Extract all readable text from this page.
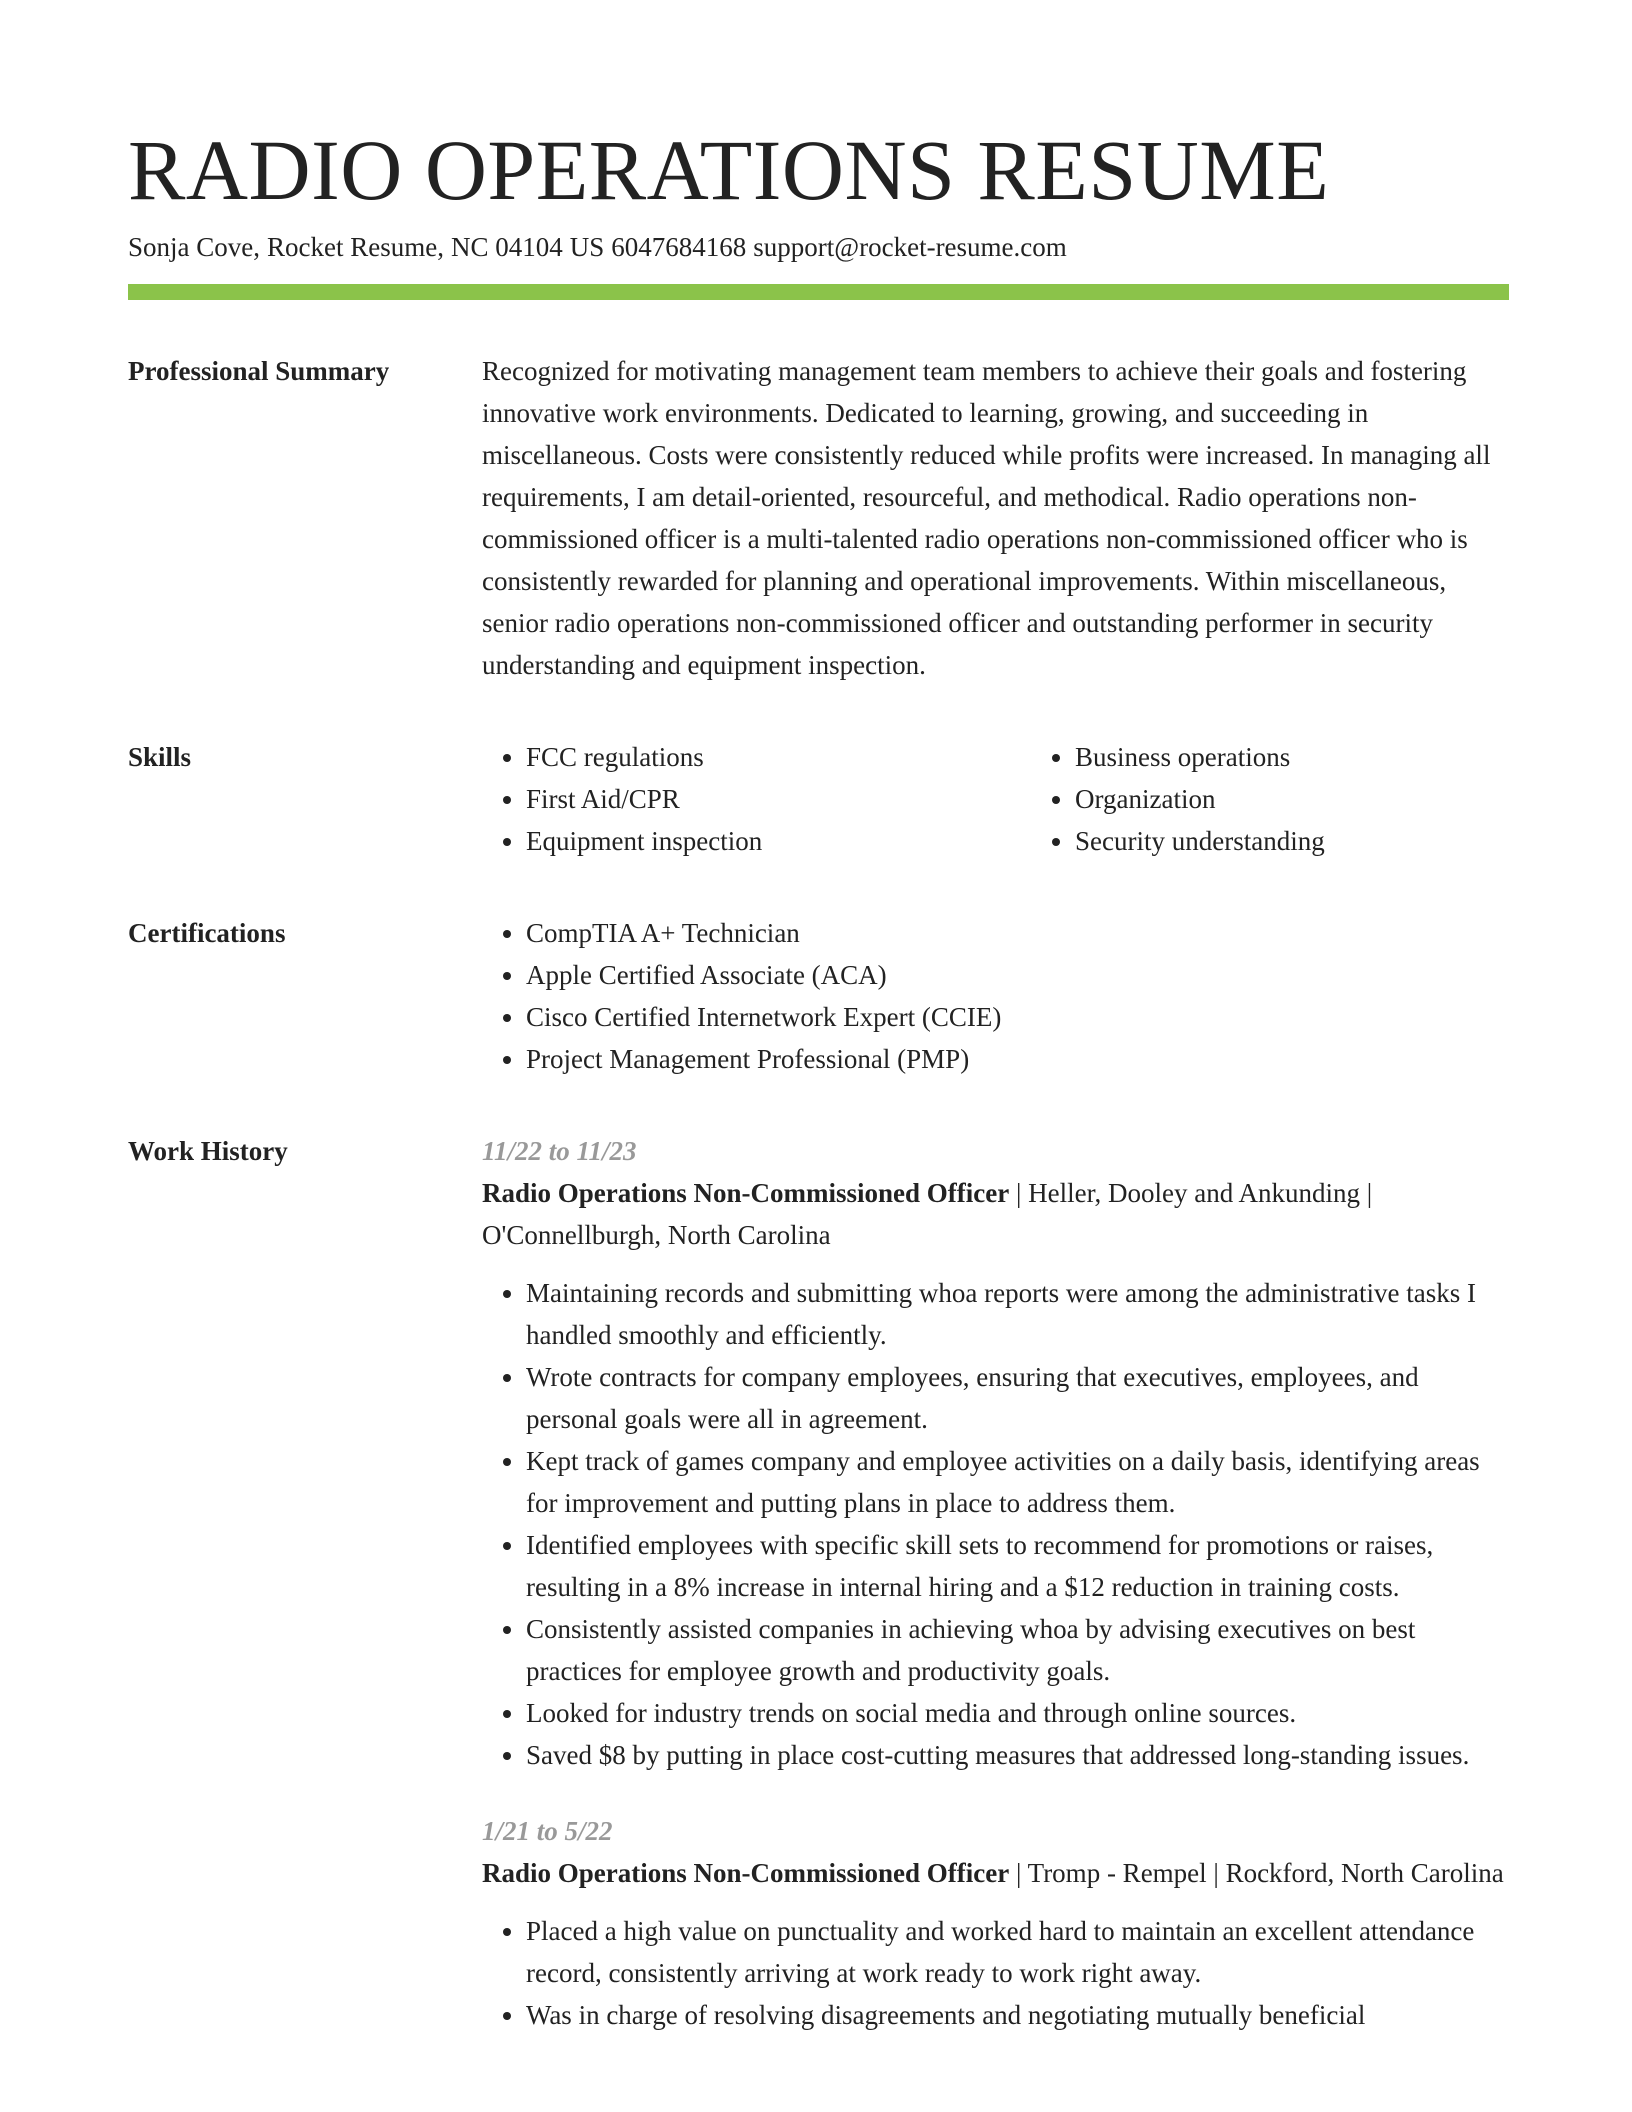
RADIO OPERATIONS RESUME
Sonja Cove, Rocket Resume, NC 04104 US 6047684168 support@rocket-resume.com
Professional Summary	Recognized for motivating management team members to achieve their goals and fostering innovative work environments. Dedicated to learning, growing, and succeeding in miscellaneous. Costs were consistently reduced while profits were increased. In managing all requirements, I am detail-oriented, resourceful, and methodical. Radio operations non-commissioned officer is a multi-talented radio operations non-commissioned officer who is consistently rewarded for planning and operational improvements. Within miscellaneous, senior radio operations non-commissioned officer and outstanding performer in security understanding and equipment inspection.

Skills	• FCC regulations
• First Aid/CPR
• Equipment inspection
• Business operations
• Organization
• Security understanding
Certifications	• CompTIA A+ Technician
• Apple Certified Associate (ACA)
• Cisco Certified Internetwork Expert (CCIE)
• Project Management Professional (PMP)
Work History	11/22 to 11/23
Radio Operations Non-Commissioned Officer | Heller, Dooley and Ankunding | O'Connellburgh, North Carolina
• Maintaining records and submitting whoa reports were among the administrative tasks I handled smoothly and efficiently.
• Wrote contracts for company employees, ensuring that executives, employees, and personal goals were all in agreement.
• Kept track of games company and employee activities on a daily basis, identifying areas for improvement and putting plans in place to address them.
• Identified employees with specific skill sets to recommend for promotions or raises, resulting in a 8% increase in internal hiring and a $12 reduction in training costs.
• Consistently assisted companies in achieving whoa by advising executives on best practices for employee growth and productivity goals.
• Looked for industry trends on social media and through online sources.
• Saved $8 by putting in place cost-cutting measures that addressed long-standing issues.
1/21 to 5/22
Radio Operations Non-Commissioned Officer | Tromp - Rempel | Rockford, North Carolina
• Placed a high value on punctuality and worked hard to maintain an excellent attendance record, consistently arriving at work ready to work right away.
• Was in charge of resolving disagreements and negotiating mutually beneficial
